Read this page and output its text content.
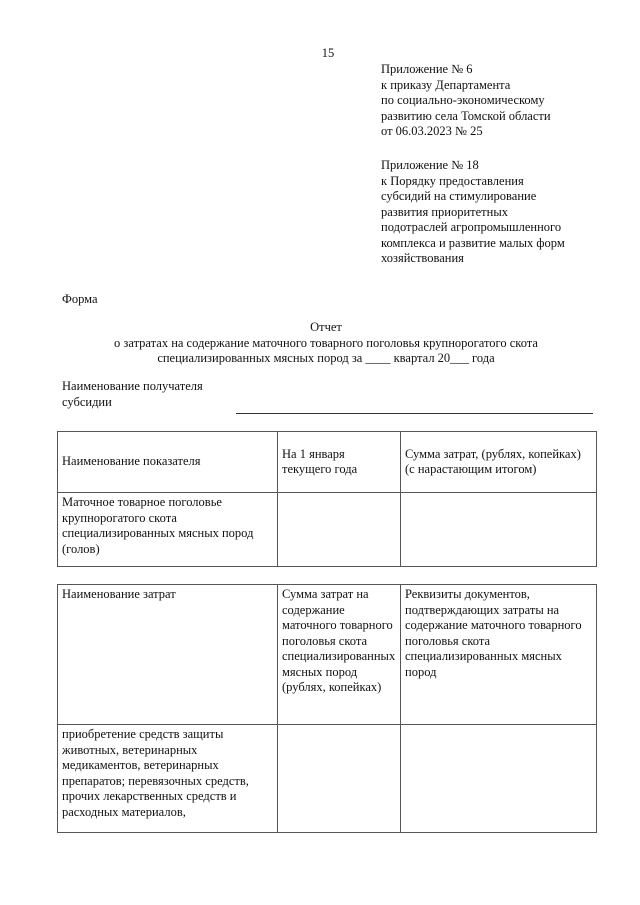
15
Приложение № 6
к приказу Департамента
по социально-экономическому
развитию села Томской области
от 06.03.2023 № 25
Приложение № 18
к Порядку предоставления
субсидий на стимулирование
развития приоритетных
подотраслей агропромышленного
комплекса и развитие малых форм
хозяйствования
Форма
Отчет
о затратах на содержание маточного товарного поголовья крупнорогатого скота
специализированных мясных пород за ____ квартал 20___ года
Наименование получателя
субсидии
Наименование показателя	На 1 января текущего года	Сумма затрат, (рублях, копейках) (с нарастающим итогом)
Маточное товарное поголовье крупнорогатого скота специализированных мясных пород (голов)		
Наименование затрат	Сумма затрат на содержание маточного товарного поголовья скота специализированных мясных пород (рублях, копейках)	Реквизиты документов, подтверждающих затраты на содержание маточного товарного поголовья скота специализированных мясных пород
приобретение средств защиты животных, ветеринарных медикаментов, ветеринарных препаратов; перевязочных средств, прочих лекарственных средств и расходных материалов,		
